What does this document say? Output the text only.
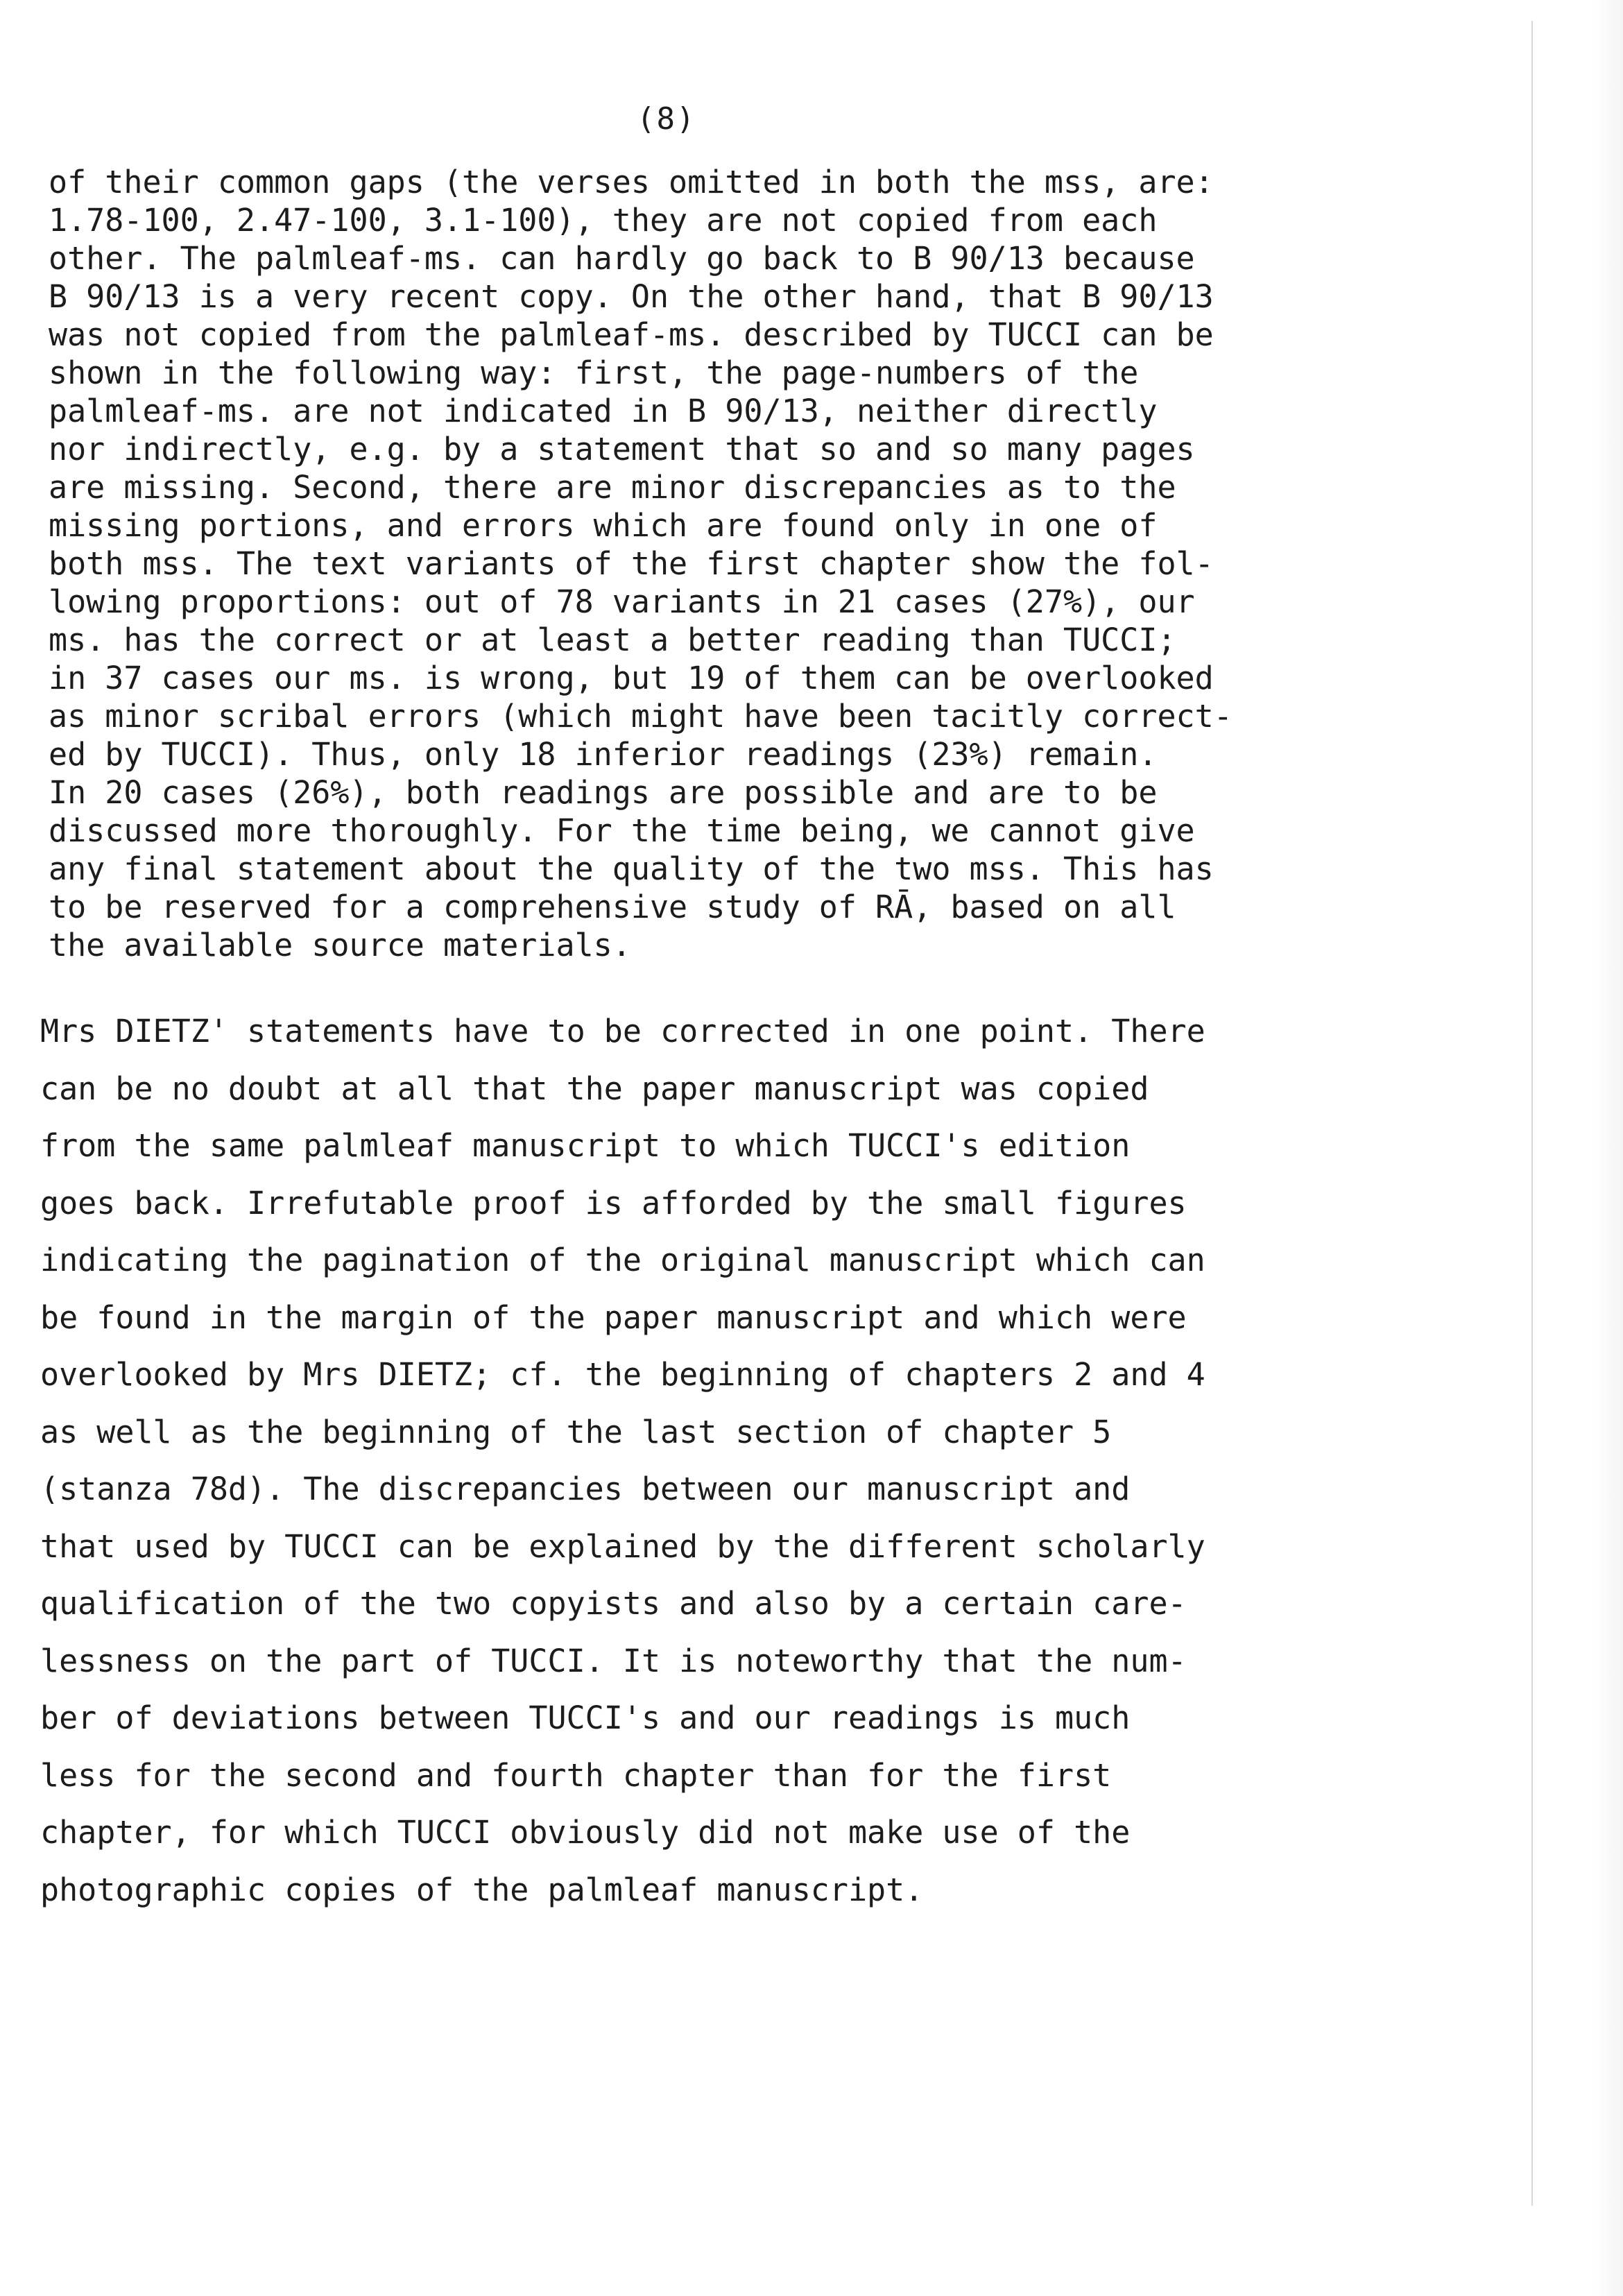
(8)
of their common gaps (the verses omitted in both the mss, are:
1.78-100, 2.47-100, 3.1-100), they are not copied from each
other. The palmleaf-ms. can hardly go back to B 90/13 because
B 90/13 is a very recent copy. On the other hand, that B 90/13
was not copied from the palmleaf-ms. described by TUCCI can be
shown in the following way: first, the page-numbers of the
palmleaf-ms. are not indicated in B 90/13, neither directly
nor indirectly, e.g. by a statement that so and so many pages
are missing. Second, there are minor discrepancies as to the
missing portions, and errors which are found only in one of
both mss. The text variants of the first chapter show the fol-
lowing proportions: out of 78 variants in 21 cases (27%), our
ms. has the correct or at least a better reading than TUCCI;
in 37 cases our ms. is wrong, but 19 of them can be overlooked
as minor scribal errors (which might have been tacitly correct-
ed by TUCCI). Thus, only 18 inferior readings (23%) remain.
In 20 cases (26%), both readings are possible and are to be
discussed more thoroughly. For the time being, we cannot give
any final statement about the quality of the two mss. This has
to be reserved for a comprehensive study of RĀ, based on all
the available source materials.
Mrs DIETZ' statements have to be corrected in one point. There
can be no doubt at all that the paper manuscript was copied
from the same palmleaf manuscript to which TUCCI's edition
goes back. Irrefutable proof is afforded by the small figures
indicating the pagination of the original manuscript which can
be found in the margin of the paper manuscript and which were
overlooked by Mrs DIETZ; cf. the beginning of chapters 2 and 4
as well as the beginning of the last section of chapter 5
(stanza 78d). The discrepancies between our manuscript and
that used by TUCCI can be explained by the different scholarly
qualification of the two copyists and also by a certain care-
lessness on the part of TUCCI. It is noteworthy that the num-
ber of deviations between TUCCI's and our readings is much
less for the second and fourth chapter than for the first
chapter, for which TUCCI obviously did not make use of the
photographic copies of the palmleaf manuscript.
